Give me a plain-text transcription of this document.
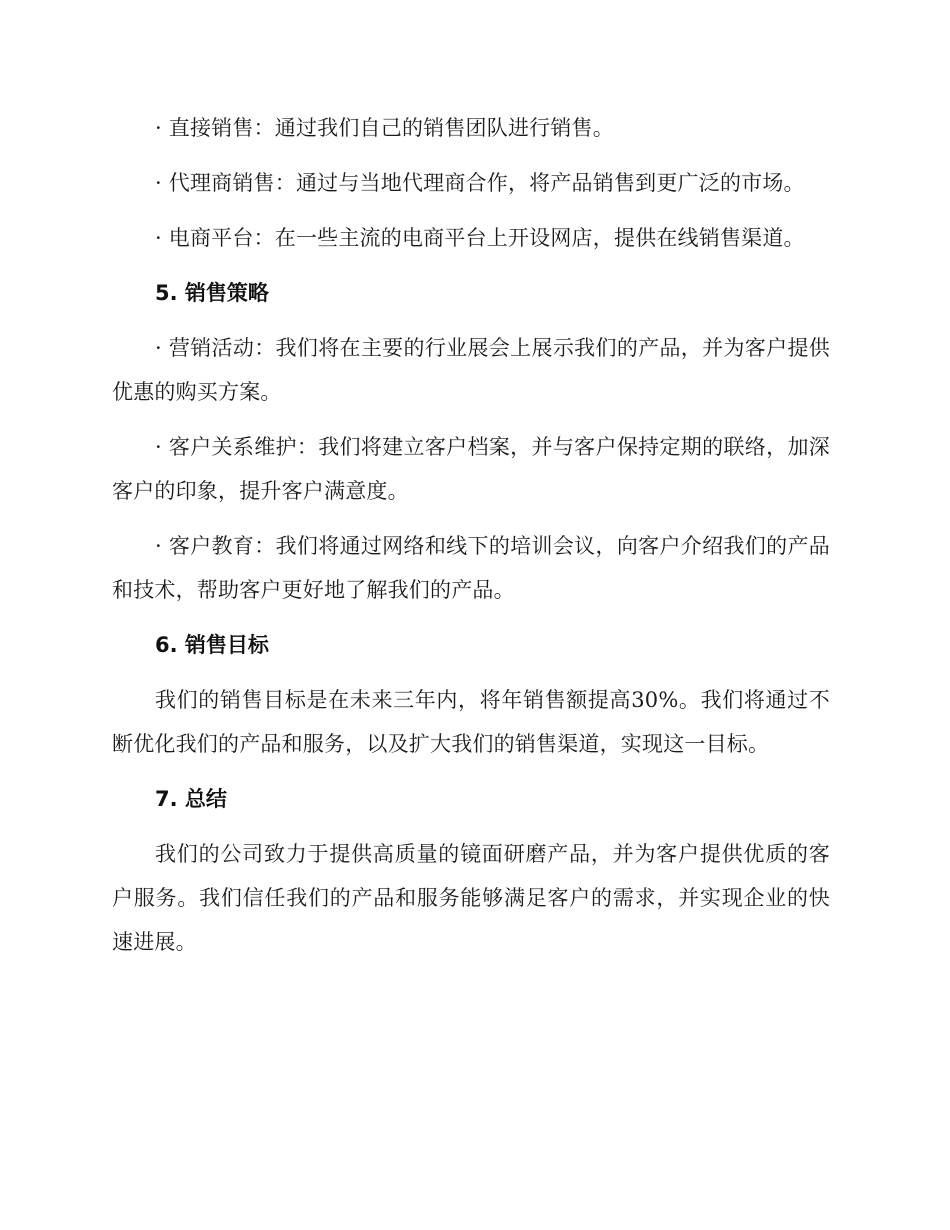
· 直接销售：通过我们自己的销售团队进行销售。

· 代理商销售：通过与当地代理商合作，将产品销售到更广泛的市场。

· 电商平台：在一些主流的电商平台上开设网店，提供在线销售渠道。

5. 销售策略

· 营销活动：我们将在主要的行业展会上展示我们的产品，并为客户提供优惠的购买方案。

· 客户关系维护：我们将建立客户档案，并与客户保持定期的联络，加深客户的印象，提升客户满意度。

· 客户教育：我们将通过网络和线下的培训会议，向客户介绍我们的产品和技术，帮助客户更好地了解我们的产品。

6. 销售目标

我们的销售目标是在未来三年内，将年销售额提高30%。我们将通过不断优化我们的产品和服务，以及扩大我们的销售渠道，实现这一目标。

7. 总结

我们的公司致力于提供高质量的镜面研磨产品，并为客户提供优质的客户服务。我们信任我们的产品和服务能够满足客户的需求，并实现企业的快速进展。
